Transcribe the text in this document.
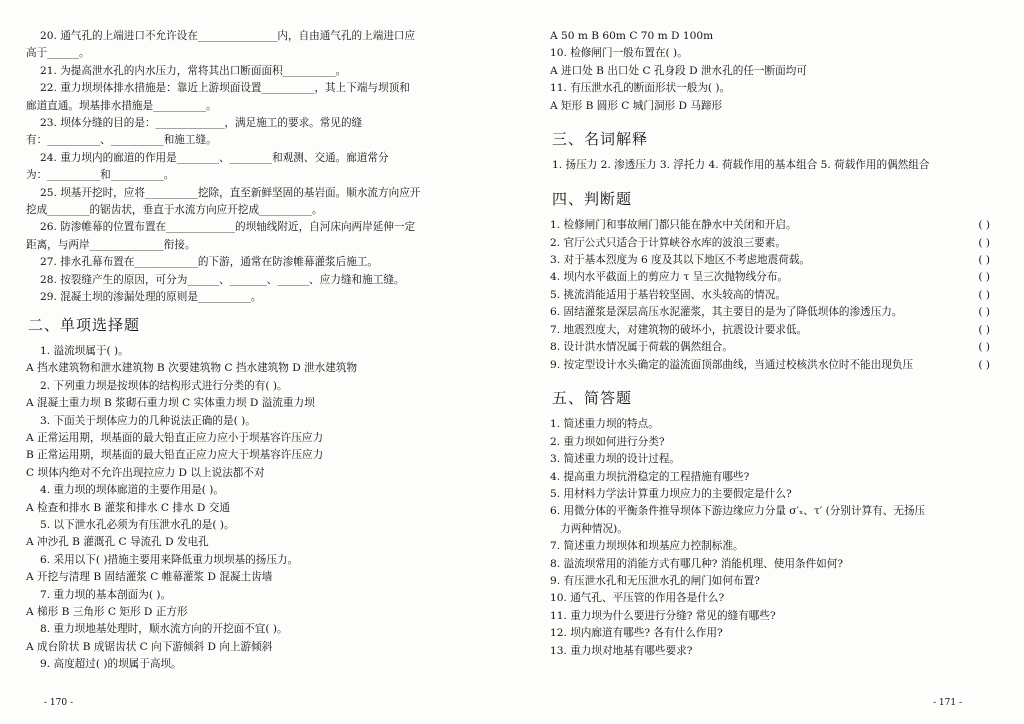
20. 通气孔的上端进口不允许设在_______________内，自由通气孔的上端进口应
高于______。
21. 为提高泄水孔的内水压力，常将其出口断面面积__________。
22. 重力坝坝体排水措施是：靠近上游坝面设置__________，其上下端与坝顶和
廊道直通。坝基排水措施是__________。
23. 坝体分缝的目的是：_____________，满足施工的要求。常见的缝
有：__________、__________和施工缝。
24. 重力坝内的廊道的作用是________、________和观测、交通。廊道常分
为：__________和__________。
25. 坝基开挖时，应将__________挖除，直至新鲜坚固的基岩面。顺水流方向应开
挖成________的锯齿状，垂直于水流方向应开挖成__________。
26. 防渗帷幕的位置布置在_____________的坝轴线附近，自河床向两岸延伸一定
距离，与两岸______________衔接。
27. 排水孔幕布置在____________的下游，通常在防渗帷幕灌浆后施工。
28. 按裂缝产生的原因，可分为______、_______、______、应力缝和施工缝。
29. 混凝土坝的渗漏处理的原则是__________。
二、单项选择题
1. 溢流坝属于( )。
A 挡水建筑物和泄水建筑物 B 次要建筑物 C 挡水建筑物 D 泄水建筑物
2. 下列重力坝是按坝体的结构形式进行分类的有( )。
A 混凝土重力坝 B 浆砌石重力坝 C 实体重力坝 D 溢流重力坝
3. 下面关于坝体应力的几种说法正确的是( )。
A 正常运用期，坝基面的最大铅直正应力应小于坝基容许压应力
B 正常运用期，坝基面的最大铅直正应力应大于坝基容许压应力
C 坝体内绝对不允许出现拉应力 D 以上说法都不对
4. 重力坝的坝体廊道的主要作用是( )。
A 检查和排水 B 灌浆和排水 C 排水 D 交通
5. 以下泄水孔必须为有压泄水孔的是( )。
A 冲沙孔 B 灌溉孔 C 导流孔 D 发电孔
6. 采用以下( )措施主要用来降低重力坝坝基的扬压力。
A 开挖与清理 B 固结灌浆 C 帷幕灌浆 D 混凝土齿墙
7. 重力坝的基本剖面为( )。
A 梯形 B 三角形 C 矩形 D 正方形
8. 重力坝地基处理时，顺水流方向的开挖面不宜( )。
A 成台阶状 B 成锯齿状 C 向下游倾斜 D 向上游倾斜
9. 高度超过( )的坝属于高坝。
- 170 -
A 50 m B 60m C 70 m D 100m
10. 检修闸门一般布置在( )。
A 进口处 B 出口处 C 孔身段 D 泄水孔的任一断面均可
11. 有压泄水孔的断面形状一般为( )。
A 矩形 B 圆形 C 城门洞形 D 马蹄形
三、名词解释
1. 扬压力 2. 渗透压力 3. 浮托力 4. 荷载作用的基本组合 5. 荷载作用的偶然组合
四、判断题
1. 检修闸门和事故闸门都只能在静水中关闭和开启。	( )
2. 官厅公式只适合于计算峡谷水库的波浪三要素。	( )
3. 对于基本烈度为 6 度及其以下地区不考虑地震荷载。	( )
4. 坝内水平截面上的剪应力 τ 呈三次抛物线分布。	( )
5. 挑流消能适用于基岩较坚固、水头较高的情况。	( )
6. 固结灌浆是深层高压水泥灌浆，其主要目的是为了降低坝体的渗透压力。	( )
7. 地震烈度大，对建筑物的破坏小，抗震设计要求低。	( )
8. 设计洪水情况属于荷载的偶然组合。	( )
9. 按定型设计水头确定的溢流面顶部曲线，当通过校核洪水位时不能出现负压	( )
五、简答题
1. 简述重力坝的特点。
2. 重力坝如何进行分类?
3. 简述重力坝的设计过程。
4. 提高重力坝抗滑稳定的工程措施有哪些?
5. 用材料力学法计算重力坝应力的主要假定是什么?
6. 用微分体的平衡条件推导坝体下游边缘应力分量 σ′ₓ、τ′ (分别计算有、无扬压
力两种情况)。
7. 简述重力坝坝体和坝基应力控制标准。
8. 溢流坝常用的消能方式有哪几种? 消能机理、使用条件如何?
9. 有压泄水孔和无压泄水孔的闸门如何布置?
10. 通气孔、平压管的作用各是什么?
11. 重力坝为什么要进行分缝? 常见的缝有哪些?
12. 坝内廊道有哪些? 各有什么作用?
13. 重力坝对地基有哪些要求?
- 171 -
